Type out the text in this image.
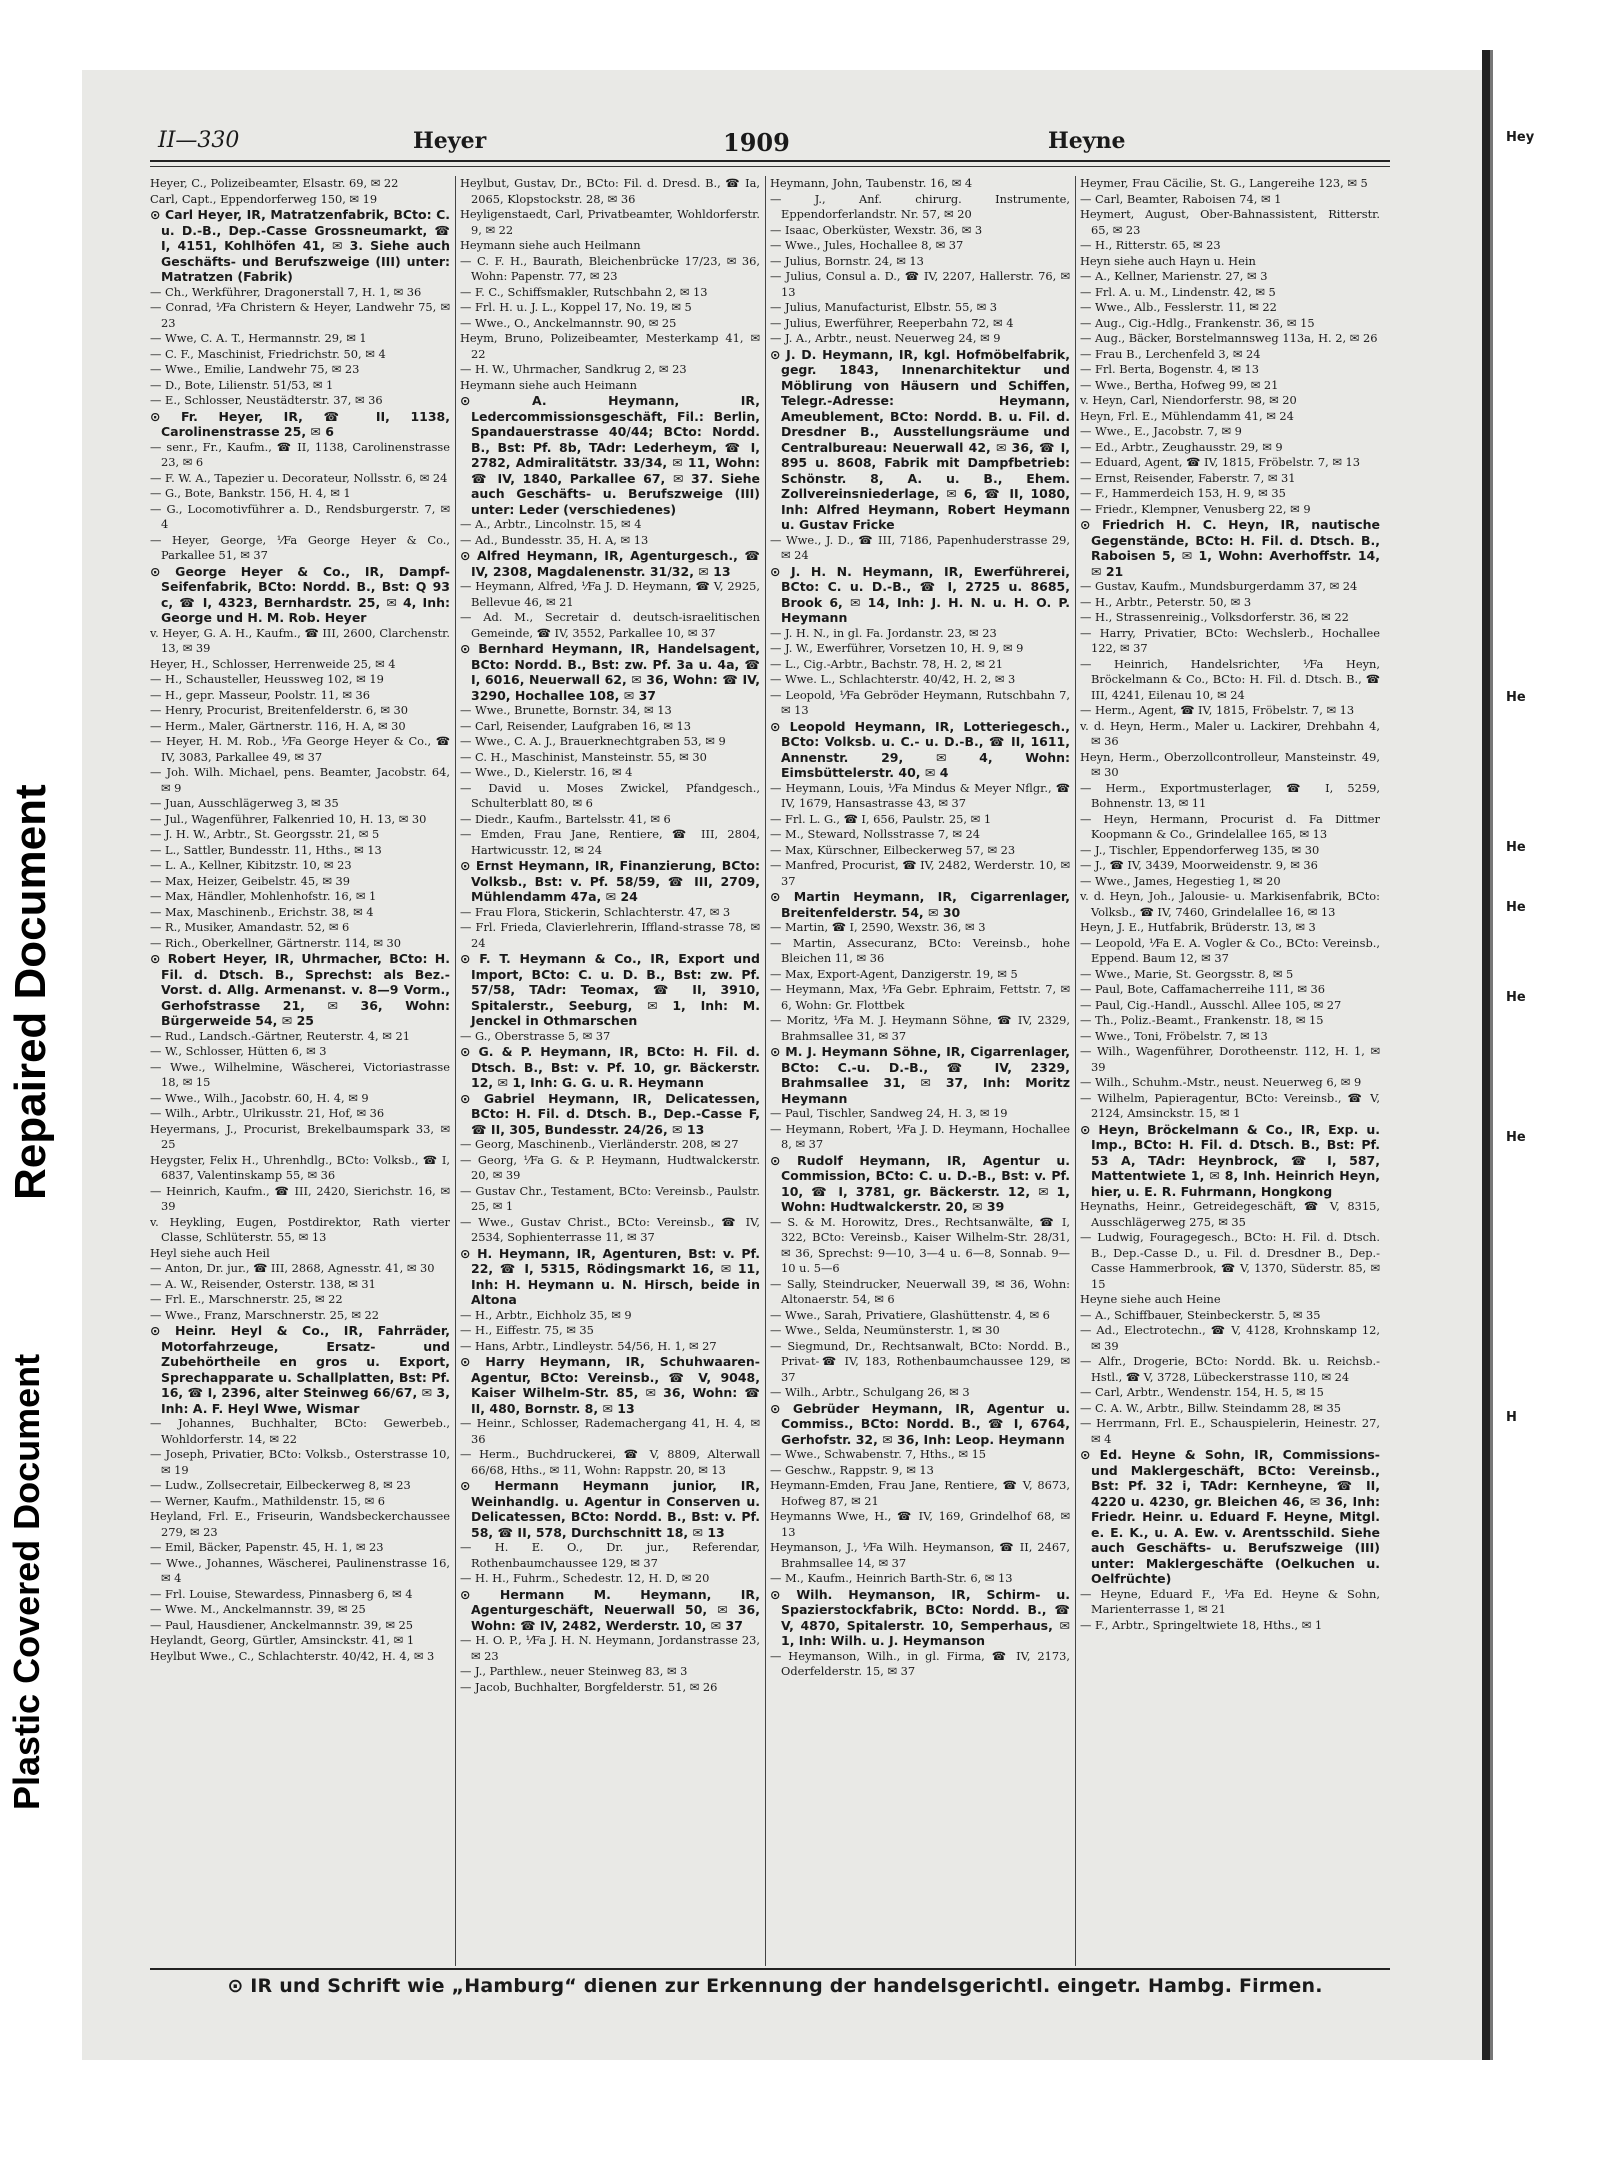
Hey
He
He
He
He
He
H
Repaired Document
Plastic Covered Document
II—330	Heyer	1909	Heyne

Heyer, C., Polizeibeamter, Elsastr. 69, ✉ 22

Carl, Capt., Eppendorferweg 150, ✉ 19

⊙ Carl Heyer, IR, Matratzenfabrik, BCto: C. u. D.-B., Dep.-Casse Grossneumarkt, ☎ I, 4151, Kohlhöfen 41, ✉ 3. Siehe auch Geschäfts- und Berufszweige (III) unter: Matratzen (Fabrik)

— Ch., Werkführer, Dragonerstall 7, H. 1, ✉ 36

— Conrad, ⅟Fa Christern & Heyer, Landwehr 75, ✉ 23

— Wwe, C. A. T., Hermannstr. 29, ✉ 1

— C. F., Maschinist, Friedrichstr. 50, ✉ 4

— Wwe., Emilie, Landwehr 75, ✉ 23

— D., Bote, Lilienstr. 51/53, ✉ 1

— E., Schlosser, Neustädterstr. 37, ✉ 36

⊙ Fr. Heyer, IR, ☎ II, 1138, Carolinenstrasse 25, ✉ 6

— senr., Fr., Kaufm., ☎ II, 1138, Carolinenstrasse 23, ✉ 6

— F. W. A., Tapezier u. Decorateur, Nollsstr. 6, ✉ 24

— G., Bote, Bankstr. 156, H. 4, ✉ 1

— G., Locomotivführer a. D., Rendsburgerstr. 7, ✉ 4

— Heyer, George, ⅟Fa George Heyer & Co., Parkallee 51, ✉ 37

⊙ George Heyer & Co., IR, Dampf-Seifenfabrik, BCto: Nordd. B., Bst: Q 93 c, ☎ I, 4323, Bernhardstr. 25, ✉ 4, Inh: George und H. M. Rob. Heyer

v. Heyer, G. A. H., Kaufm., ☎ III, 2600, Clarchenstr. 13, ✉ 39

Heyer, H., Schlosser, Herrenweide 25, ✉ 4

— H., Schausteller, Heussweg 102, ✉ 19

— H., gepr. Masseur, Poolstr. 11, ✉ 36

— Henry, Procurist, Breitenfelderstr. 6, ✉ 30

— Herm., Maler, Gärtnerstr. 116, H. A, ✉ 30

— Heyer, H. M. Rob., ⅟Fa George Heyer & Co., ☎ IV, 3083, Parkallee 49, ✉ 37

— Joh. Wilh. Michael, pens. Beamter, Jacobstr. 64, ✉ 9

— Juan, Ausschlägerweg 3, ✉ 35

— Jul., Wagenführer, Falkenried 10, H. 13, ✉ 30

— J. H. W., Arbtr., St. Georgsstr. 21, ✉ 5

— L., Sattler, Bundesstr. 11, Hths., ✉ 13

— L. A., Kellner, Kibitzstr. 10, ✉ 23

— Max, Heizer, Geibelstr. 45, ✉ 39

— Max, Händler, Mohlenhofstr. 16, ✉ 1

— Max, Maschinenb., Erichstr. 38, ✉ 4

— R., Musiker, Amandastr. 52, ✉ 6

— Rich., Oberkellner, Gärtnerstr. 114, ✉ 30

⊙ Robert Heyer, IR, Uhrmacher, BCto: H. Fil. d. Dtsch. B., Sprechst: als Bez.-Vorst. d. Allg. Armenanst. v. 8—9 Vorm., Gerhofstrasse 21, ✉ 36, Wohn: Bürgerweide 54, ✉ 25

— Rud., Landsch.-Gärtner, Reuterstr. 4, ✉ 21

— W., Schlosser, Hütten 6, ✉ 3

— Wwe., Wilhelmine, Wäscherei, Victoriastrasse 18, ✉ 15

— Wwe., Wilh., Jacobstr. 60, H. 4, ✉ 9

— Wilh., Arbtr., Ulrikusstr. 21, Hof, ✉ 36

Heyermans, J., Procurist, Brekelbaumspark 33, ✉ 25

Heygster, Felix H., Uhrenhdlg., BCto: Volksb., ☎ I, 6837, Valentinskamp 55, ✉ 36

— Heinrich, Kaufm., ☎ III, 2420, Sierichstr. 16, ✉ 39

v. Heykling, Eugen, Postdirektor, Rath vierter Classe, Schlüterstr. 55, ✉ 13

Heyl siehe auch Heil

— Anton, Dr. jur., ☎ III, 2868, Agnesstr. 41, ✉ 30

— A. W., Reisender, Osterstr. 138, ✉ 31

— Frl. E., Marschnerstr. 25, ✉ 22

— Wwe., Franz, Marschnerstr. 25, ✉ 22

⊙ Heinr. Heyl & Co., IR, Fahrräder, Motorfahrzeuge, Ersatz- und Zubehörtheile en gros u. Export, Sprechapparate u. Schallplatten, Bst: Pf. 16, ☎ I, 2396, alter Steinweg 66/67, ✉ 3, Inh: A. F. Heyl Wwe, Wismar

— Johannes, Buchhalter, BCto: Gewerbeb., Wohldorferstr. 14, ✉ 22

— Joseph, Privatier, BCto: Volksb., Osterstrasse 10, ✉ 19

— Ludw., Zollsecretair, Eilbeckerweg 8, ✉ 23

— Werner, Kaufm., Mathildenstr. 15, ✉ 6

Heyland, Frl. E., Friseurin, Wandsbeckerchaussee 279, ✉ 23

— Emil, Bäcker, Papenstr. 45, H. 1, ✉ 23

— Wwe., Johannes, Wäscherei, Paulinenstrasse 16, ✉ 4

— Frl. Louise, Stewardess, Pinnasberg 6, ✉ 4

— Wwe. M., Anckelmannstr. 39, ✉ 25

— Paul, Hausdiener, Anckelmannstr. 39, ✉ 25

Heylandt, Georg, Gürtler, Amsinckstr. 41, ✉ 1

Heylbut Wwe., C., Schlachterstr. 40/42, H. 4, ✉ 3

Heylbut, Gustav, Dr., BCto: Fil. d. Dresd. B., ☎ Ia, 2065, Klopstockstr. 28, ✉ 36

Heyligenstaedt, Carl, Privatbeamter, Wohldorferstr. 9, ✉ 22

Heymann siehe auch Heilmann

— C. F. H., Baurath, Bleichenbrücke 17/23, ✉ 36, Wohn: Papenstr. 77, ✉ 23

— F. C., Schiffsmakler, Rutschbahn 2, ✉ 13

— Frl. H. u. J. L., Koppel 17, No. 19, ✉ 5

— Wwe., O., Anckelmannstr. 90, ✉ 25

Heym, Bruno, Polizeibeamter, Mesterkamp 41, ✉ 22

— H. W., Uhrmacher, Sandkrug 2, ✉ 23

Heymann siehe auch Heimann

⊙ A. Heymann, IR, Ledercommissionsgeschäft, Fil.: Berlin, Spandauerstrasse 40/44; BCto: Nordd. B., Bst: Pf. 8b, TAdr: Lederheym, ☎ I, 2782, Admiralitätstr. 33/34, ✉ 11, Wohn: ☎ IV, 1840, Parkallee 67, ✉ 37. Siehe auch Geschäfts- u. Berufszweige (III) unter: Leder (verschiedenes)

— A., Arbtr., Lincolnstr. 15, ✉ 4

— Ad., Bundesstr. 35, H. A, ✉ 13

⊙ Alfred Heymann, IR, Agenturgesch., ☎ IV, 2308, Magdalenenstr. 31/32, ✉ 13

— Heymann, Alfred, ⅟Fa J. D. Heymann, ☎ V, 2925, Bellevue 46, ✉ 21

— Ad. M., Secretair d. deutsch-israelitischen Gemeinde, ☎ IV, 3552, Parkallee 10, ✉ 37

⊙ Bernhard Heymann, IR, Handelsagent, BCto: Nordd. B., Bst: zw. Pf. 3a u. 4a, ☎ I, 6016, Neuerwall 62, ✉ 36, Wohn: ☎ IV, 3290, Hochallee 108, ✉ 37

— Wwe., Brunette, Bornstr. 34, ✉ 13

— Carl, Reisender, Laufgraben 16, ✉ 13

— Wwe., C. A. J., Brauerknechtgraben 53, ✉ 9

— C. H., Maschinist, Mansteinstr. 55, ✉ 30

— Wwe., D., Kielerstr. 16, ✉ 4

— David u. Moses Zwickel, Pfandgesch., Schulterblatt 80, ✉ 6

— Diedr., Kaufm., Bartelsstr. 41, ✉ 6

— Emden, Frau Jane, Rentiere, ☎ III, 2804, Hartwicusstr. 12, ✉ 24

⊙ Ernst Heymann, IR, Finanzierung, BCto: Volksb., Bst: v. Pf. 58/59, ☎ III, 2709, Mühlendamm 47a, ✉ 24

— Frau Flora, Stickerin, Schlachterstr. 47, ✉ 3

— Frl. Frieda, Clavierlehrerin, Iffland-strasse 78, ✉ 24

⊙ F. T. Heymann & Co., IR, Export und Import, BCto: C. u. D. B., Bst: zw. Pf. 57/58, TAdr: Teomax, ☎ II, 3910, Spitalerstr., Seeburg, ✉ 1, Inh: M. Jenckel in Othmarschen

— G., Oberstrasse 5, ✉ 37

⊙ G. & P. Heymann, IR, BCto: H. Fil. d. Dtsch. B., Bst: v. Pf. 10, gr. Bäckerstr. 12, ✉ 1, Inh: G. G. u. R. Heymann

⊙ Gabriel Heymann, IR, Delicatessen, BCto: H. Fil. d. Dtsch. B., Dep.-Casse F, ☎ II, 305, Bundesstr. 24/26, ✉ 13

— Georg, Maschinenb., Vierländerstr. 208, ✉ 27

— Georg, ⅟Fa G. & P. Heymann, Hudtwalckerstr. 20, ✉ 39

— Gustav Chr., Testament, BCto: Vereinsb., Paulstr. 25, ✉ 1

— Wwe., Gustav Christ., BCto: Vereinsb., ☎ IV, 2534, Sophienterrasse 11, ✉ 37

⊙ H. Heymann, IR, Agenturen, Bst: v. Pf. 22, ☎ I, 5315, Rödingsmarkt 16, ✉ 11, Inh: H. Heymann u. N. Hirsch, beide in Altona

— H., Arbtr., Eichholz 35, ✉ 9

— H., Eiffestr. 75, ✉ 35

— Hans, Arbtr., Lindleystr. 54/56, H. 1, ✉ 27

⊙ Harry Heymann, IR, Schuhwaaren-Agentur, BCto: Vereinsb., ☎ V, 9048, Kaiser Wilhelm-Str. 85, ✉ 36, Wohn: ☎ II, 480, Bornstr. 8, ✉ 13

— Heinr., Schlosser, Rademachergang 41, H. 4, ✉ 36

— Herm., Buchdruckerei, ☎ V, 8809, Alterwall 66/68, Hths., ✉ 11, Wohn: Rappstr. 20, ✉ 13

⊙ Hermann Heymann junior, IR, Weinhandlg. u. Agentur in Conserven u. Delicatessen, BCto: Nordd. B., Bst: v. Pf. 58, ☎ II, 578, Durchschnitt 18, ✉ 13

— H. E. O., Dr. jur., Referendar, Rothenbaumchaussee 129, ✉ 37

— H. H., Fuhrm., Schedestr. 12, H. D, ✉ 20

⊙ Hermann M. Heymann, IR, Agenturgeschäft, Neuerwall 50, ✉ 36, Wohn: ☎ IV, 2482, Werderstr. 10, ✉ 37

— H. O. P., ⅟Fa J. H. N. Heymann, Jordanstrasse 23, ✉ 23

— J., Parthlew., neuer Steinweg 83, ✉ 3

— Jacob, Buchhalter, Borgfelderstr. 51, ✉ 26

Heymann, John, Taubenstr. 16, ✉ 4

— J., Anf. chirurg. Instrumente, Eppendorferlandstr. Nr. 57, ✉ 20

— Isaac, Oberküster, Wexstr. 36, ✉ 3

— Wwe., Jules, Hochallee 8, ✉ 37

— Julius, Bornstr. 24, ✉ 13

— Julius, Consul a. D., ☎ IV, 2207, Hallerstr. 76, ✉ 13

— Julius, Manufacturist, Elbstr. 55, ✉ 3

— Julius, Ewerführer, Reeperbahn 72, ✉ 4

— J. A., Arbtr., neust. Neuerweg 24, ✉ 9

⊙ J. D. Heymann, IR, kgl. Hofmöbelfabrik, gegr. 1843, Innenarchitektur und Möblirung von Häusern und Schiffen, Telegr.-Adresse: Heymann, Ameublement, BCto: Nordd. B. u. Fil. d. Dresdner B., Ausstellungsräume und Centralbureau: Neuerwall 42, ✉ 36, ☎ I, 895 u. 8608, Fabrik mit Dampfbetrieb: Schönstr. 8, A. u. B., Ehem. Zollvereinsniederlage, ✉ 6, ☎ II, 1080, Inh: Alfred Heymann, Robert Heymann u. Gustav Fricke

— Wwe., J. D., ☎ III, 7186, Papenhuderstrasse 29, ✉ 24

⊙ J. H. N. Heymann, IR, Ewerführerei, BCto: C. u. D.-B., ☎ I, 2725 u. 8685, Brook 6, ✉ 14, Inh: J. H. N. u. H. O. P. Heymann

— J. H. N., in gl. Fa. Jordanstr. 23, ✉ 23

— J. W., Ewerführer, Vorsetzen 10, H. 9, ✉ 9

— L., Cig.-Arbtr., Bachstr. 78, H. 2, ✉ 21

— Wwe. L., Schlachterstr. 40/42, H. 2, ✉ 3

— Leopold, ⅟Fa Gebröder Heymann, Rutschbahn 7, ✉ 13

⊙ Leopold Heymann, IR, Lotteriegesch., BCto: Volksb. u. C.- u. D.-B., ☎ II, 1611, Annenstr. 29, ✉ 4, Wohn: Eimsbüttelerstr. 40, ✉ 4

— Heymann, Louis, ⅟Fa Mindus & Meyer Nflgr., ☎ IV, 1679, Hansastrasse 43, ✉ 37

— Frl. L. G., ☎ I, 656, Paulstr. 25, ✉ 1

— M., Steward, Nollsstrasse 7, ✉ 24

— Max, Kürschner, Eilbeckerweg 57, ✉ 23

— Manfred, Procurist, ☎ IV, 2482, Werderstr. 10, ✉ 37

⊙ Martin Heymann, IR, Cigarrenlager, Breitenfelderstr. 54, ✉ 30

— Martin, ☎ I, 2590, Wexstr. 36, ✉ 3

— Martin, Assecuranz, BCto: Vereinsb., hohe Bleichen 11, ✉ 36

— Max, Export-Agent, Danzigerstr. 19, ✉ 5

— Heymann, Max, ⅟Fa Gebr. Ephraim, Fettstr. 7, ✉ 6, Wohn: Gr. Flottbek

— Moritz, ⅟Fa M. J. Heymann Söhne, ☎ IV, 2329, Brahmsallee 31, ✉ 37

⊙ M. J. Heymann Söhne, IR, Cigarrenlager, BCto: C.-u. D.-B., ☎ IV, 2329, Brahmsallee 31, ✉ 37, Inh: Moritz Heymann

— Paul, Tischler, Sandweg 24, H. 3, ✉ 19

— Heymann, Robert, ⅟Fa J. D. Heymann, Hochallee 8, ✉ 37

⊙ Rudolf Heymann, IR, Agentur u. Commission, BCto: C. u. D.-B., Bst: v. Pf. 10, ☎ I, 3781, gr. Bäckerstr. 12, ✉ 1, Wohn: Hudtwalckerstr. 20, ✉ 39

— S. & M. Horowitz, Dres., Rechtsanwälte, ☎ I, 322, BCto: Vereinsb., Kaiser Wilhelm-Str. 28/31, ✉ 36, Sprechst: 9—10, 3—4 u. 6—8, Sonnab. 9—10 u. 5—6

— Sally, Steindrucker, Neuerwall 39, ✉ 36, Wohn: Altonaerstr. 54, ✉ 6

— Wwe., Sarah, Privatiere, Glashüttenstr. 4, ✉ 6

— Wwe., Selda, Neumünsterstr. 1, ✉ 30

— Siegmund, Dr., Rechtsanwalt, BCto: Nordd. B., Privat-☎ IV, 183, Rothenbaumchaussee 129, ✉ 37

— Wilh., Arbtr., Schulgang 26, ✉ 3

⊙ Gebrüder Heymann, IR, Agentur u. Commiss., BCto: Nordd. B., ☎ I, 6764, Gerhofstr. 32, ✉ 36, Inh: Leop. Heymann

— Wwe., Schwabenstr. 7, Hths., ✉ 15

— Geschw., Rappstr. 9, ✉ 13

Heymann-Emden, Frau Jane, Rentiere, ☎ V, 8673, Hofweg 87, ✉ 21

Heymanns Wwe, H., ☎ IV, 169, Grindelhof 68, ✉ 13

Heymanson, J., ⅟Fa Wilh. Heymanson, ☎ II, 2467, Brahmsallee 14, ✉ 37

— M., Kaufm., Heinrich Barth-Str. 6, ✉ 13

⊙ Wilh. Heymanson, IR, Schirm- u. Spazierstockfabrik, BCto: Nordd. B., ☎ V, 4870, Spitalerstr. 10, Semperhaus, ✉ 1, Inh: Wilh. u. J. Heymanson

— Heymanson, Wilh., in gl. Firma, ☎ IV, 2173, Oderfelderstr. 15, ✉ 37

Heymer, Frau Cäcilie, St. G., Langereihe 123, ✉ 5

— Carl, Beamter, Raboisen 74, ✉ 1

Heymert, August, Ober-Bahnassistent, Ritterstr. 65, ✉ 23

— H., Ritterstr. 65, ✉ 23

Heyn siehe auch Hayn u. Hein

— A., Kellner, Marienstr. 27, ✉ 3

— Frl. A. u. M., Lindenstr. 42, ✉ 5

— Wwe., Alb., Fesslerstr. 11, ✉ 22

— Aug., Cig.-Hdlg., Frankenstr. 36, ✉ 15

— Aug., Bäcker, Borstelmannsweg 113a, H. 2, ✉ 26

— Frau B., Lerchenfeld 3, ✉ 24

— Frl. Berta, Bogenstr. 4, ✉ 13

— Wwe., Bertha, Hofweg 99, ✉ 21

v. Heyn, Carl, Niendorferstr. 98, ✉ 20

Heyn, Frl. E., Mühlendamm 41, ✉ 24

— Wwe., E., Jacobstr. 7, ✉ 9

— Ed., Arbtr., Zeughausstr. 29, ✉ 9

— Eduard, Agent, ☎ IV, 1815, Fröbelstr. 7, ✉ 13

— Ernst, Reisender, Faberstr. 7, ✉ 31

— F., Hammerdeich 153, H. 9, ✉ 35

— Friedr., Klempner, Venusberg 22, ✉ 9

⊙ Friedrich H. C. Heyn, IR, nautische Gegenstände, BCto: H. Fil. d. Dtsch. B., Raboisen 5, ✉ 1, Wohn: Averhoffstr. 14, ✉ 21

— Gustav, Kaufm., Mundsburgerdamm 37, ✉ 24

— H., Arbtr., Peterstr. 50, ✉ 3

— H., Strassenreinig., Volksdorferstr. 36, ✉ 22

— Harry, Privatier, BCto: Wechslerb., Hochallee 122, ✉ 37

— Heinrich, Handelsrichter, ⅟Fa Heyn, Bröckelmann & Co., BCto: H. Fil. d. Dtsch. B., ☎ III, 4241, Eilenau 10, ✉ 24

— Herm., Agent, ☎ IV, 1815, Fröbelstr. 7, ✉ 13

v. d. Heyn, Herm., Maler u. Lackirer, Drehbahn 4, ✉ 36

Heyn, Herm., Oberzollcontrolleur, Mansteinstr. 49, ✉ 30

— Herm., Exportmusterlager, ☎ I, 5259, Bohnenstr. 13, ✉ 11

— Heyn, Hermann, Procurist d. Fa Dittmer Koopmann & Co., Grindelallee 165, ✉ 13

— J., Tischler, Eppendorferweg 135, ✉ 30

— J., ☎ IV, 3439, Moorweidenstr. 9, ✉ 36

— Wwe., James, Hegestieg 1, ✉ 20

v. d. Heyn, Joh., Jalousie- u. Markisenfabrik, BCto: Volksb., ☎ IV, 7460, Grindelallee 16, ✉ 13

Heyn, J. E., Hutfabrik, Brüderstr. 13, ✉ 3

— Leopold, ⅟Fa E. A. Vogler & Co., BCto: Vereinsb., Eppend. Baum 12, ✉ 37

— Wwe., Marie, St. Georgsstr. 8, ✉ 5

— Paul, Bote, Caffamacherreihe 111, ✉ 36

— Paul, Cig.-Handl., Ausschl. Allee 105, ✉ 27

— Th., Poliz.-Beamt., Frankenstr. 18, ✉ 15

— Wwe., Toni, Fröbelstr. 7, ✉ 13

— Wilh., Wagenführer, Dorotheenstr. 112, H. 1, ✉ 39

— Wilh., Schuhm.-Mstr., neust. Neuerweg 6, ✉ 9

— Wilhelm, Papieragentur, BCto: Vereinsb., ☎ V, 2124, Amsinckstr. 15, ✉ 1

⊙ Heyn, Bröckelmann & Co., IR, Exp. u. Imp., BCto: H. Fil. d. Dtsch. B., Bst: Pf. 53 A, TAdr: Heynbrock, ☎ I, 587, Mattentwiete 1, ✉ 8, Inh. Heinrich Heyn, hier, u. E. R. Fuhrmann, Hongkong

Heynaths, Heinr., Getreidegeschäft, ☎ V, 8315, Ausschlägerweg 275, ✉ 35

— Ludwig, Fouragegesch., BCto: H. Fil. d. Dtsch. B., Dep.-Casse D., u. Fil. d. Dresdner B., Dep.-Casse Hammerbrook, ☎ V, 1370, Süderstr. 85, ✉ 15

Heyne siehe auch Heine

— A., Schiffbauer, Steinbeckerstr. 5, ✉ 35

— Ad., Electrotechn., ☎ V, 4128, Krohnskamp 12, ✉ 39

— Alfr., Drogerie, BCto: Nordd. Bk. u. Reichsb.-Hstl., ☎ V, 3728, Lübeckerstrasse 110, ✉ 24

— Carl, Arbtr., Wendenstr. 154, H. 5, ✉ 15

— C. A. W., Arbtr., Billw. Steindamm 28, ✉ 35

— Herrmann, Frl. E., Schauspielerin, Heinestr. 27, ✉ 4

⊙ Ed. Heyne & Sohn, IR, Commissions- und Maklergeschäft, BCto: Vereinsb., Bst: Pf. 32 i, TAdr: Kernheyne, ☎ II, 4220 u. 4230, gr. Bleichen 46, ✉ 36, Inh: Friedr. Heinr. u. Eduard F. Heyne, Mitgl. e. E. K., u. A. Ew. v. Arentsschild. Siehe auch Geschäfts- u. Berufszweige (III) unter: Maklergeschäfte (Oelkuchen u. Oelfrüchte)

— Heyne, Eduard F., ⅟Fa Ed. Heyne & Sohn, Marienterrasse 1, ✉ 21

— F., Arbtr., Springeltwiete 18, Hths., ✉ 1

⊙ IR und Schrift wie „Hamburg“ dienen zur Erkennung der handelsgerichtl. eingetr. Hambg. Firmen.
